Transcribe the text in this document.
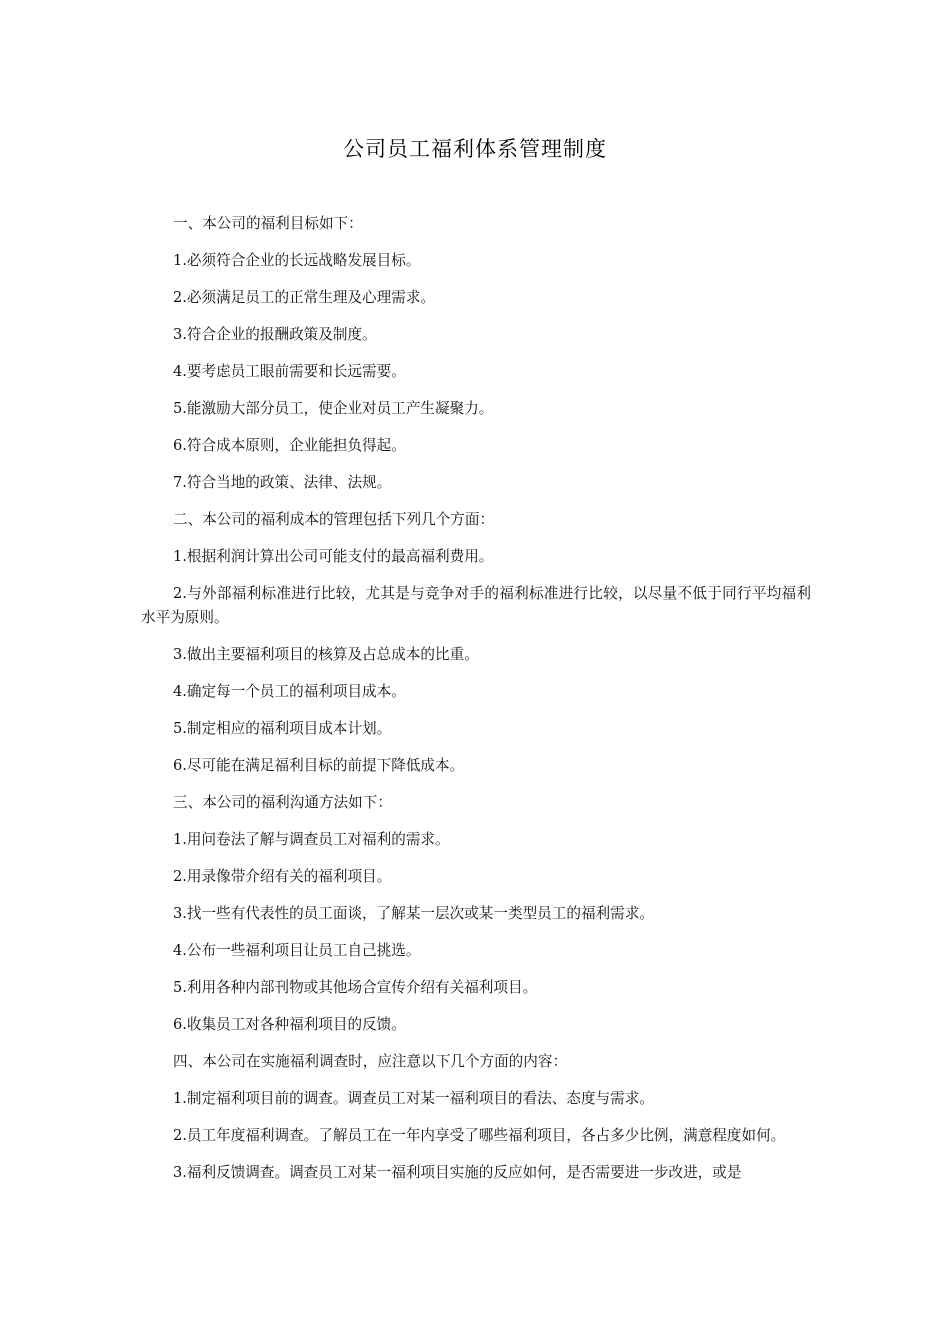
公司员工福利体系管理制度

一、本公司的福利目标如下：

1.必须符合企业的长远战略发展目标。

2.必须满足员工的正常生理及心理需求。

3.符合企业的报酬政策及制度。

4.要考虑员工眼前需要和长远需要。

5.能激励大部分员工，使企业对员工产生凝聚力。

6.符合成本原则，企业能担负得起。

7.符合当地的政策、法律、法规。

二、本公司的福利成本的管理包括下列几个方面：

1.根据利润计算出公司可能支付的最高福利费用。

2.与外部福利标准进行比较，尤其是与竞争对手的福利标准进行比较，以尽量不低于同行平均福利水平为原则。

3.做出主要福利项目的核算及占总成本的比重。

4.确定每一个员工的福利项目成本。

5.制定相应的福利项目成本计划。

6.尽可能在满足福利目标的前提下降低成本。

三、本公司的福利沟通方法如下：

1.用问卷法了解与调查员工对福利的需求。

2.用录像带介绍有关的福利项目。

3.找一些有代表性的员工面谈，了解某一层次或某一类型员工的福利需求。

4.公布一些福利项目让员工自己挑选。

5.利用各种内部刊物或其他场合宣传介绍有关福利项目。

6.收集员工对各种福利项目的反馈。

四、本公司在实施福利调查时，应注意以下几个方面的内容：

1.制定福利项目前的调查。调查员工对某一福利项目的看法、态度与需求。

2.员工年度福利调查。了解员工在一年内享受了哪些福利项目，各占多少比例，满意程度如何。

3.福利反馈调查。调查员工对某一福利项目实施的反应如何，是否需要进一步改进，或是
